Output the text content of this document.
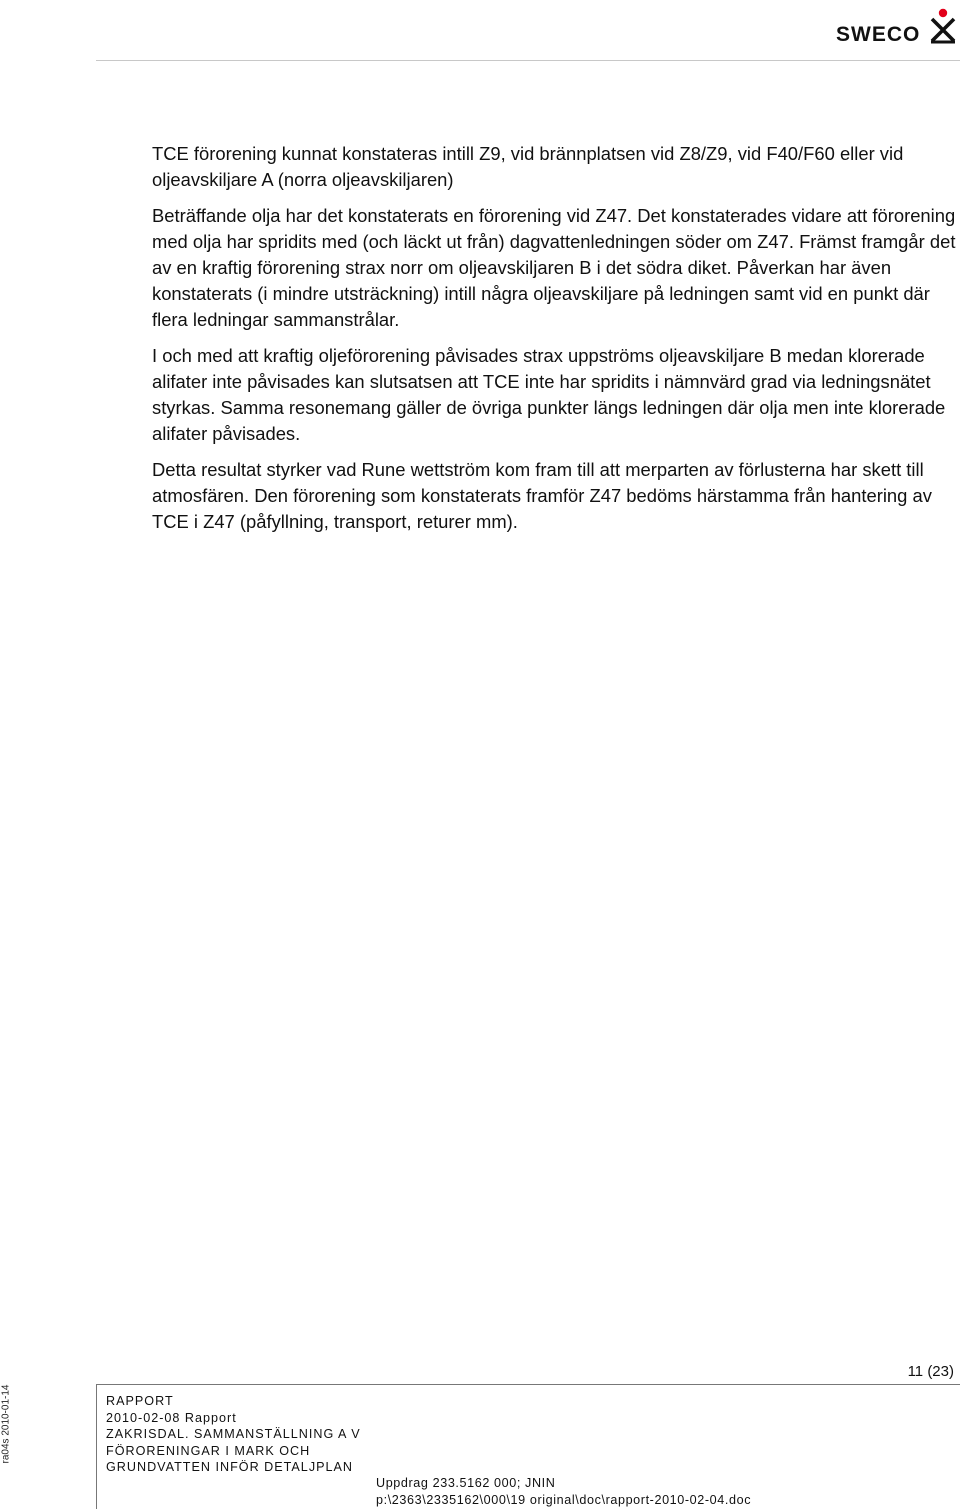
SWECO

TCE förorening kunnat konstateras intill Z9, vid brännplatsen vid Z8/Z9, vid F40/F60 eller vid oljeavskiljare A (norra oljeavskiljaren)

Beträffande olja har det konstaterats en förorening vid Z47. Det konstaterades vidare att förorening med olja har spridits med (och läckt ut från) dagvattenledningen söder om Z47. Främst framgår det av en kraftig förorening strax norr om oljeavskiljaren B i det södra diket. Påverkan har även konstaterats (i mindre utsträckning) intill några oljeavskiljare på ledningen samt vid en punkt där flera ledningar sammanstrålar.

I och med att kraftig oljeförorening påvisades strax uppströms oljeavskiljare B medan klorerade alifater inte påvisades kan slutsatsen att TCE inte har spridits i nämnvärd grad via ledningsnätet styrkas. Samma resonemang gäller de övriga punkter längs ledningen där olja men inte klorerade alifater påvisades.

Detta resultat styrker vad Rune wettström kom fram till att merparten av förlusterna har skett till atmosfären. Den förorening som konstaterats framför Z47 bedöms härstamma från hantering av TCE i Z47 (påfyllning, transport, returer mm).

ra04s 2010-01-14
11 (23)
RAPPORT
2010-02-08 Rapport
ZAKRISDAL. SAMMANSTÄLLNING A V
FÖRORENINGAR I MARK OCH
GRUNDVATTEN INFÖR DETALJPLAN
Uppdrag 233.5162 000; JNIN
p:\2363\2335162\000\19 original\doc\rapport-2010-02-04.doc
